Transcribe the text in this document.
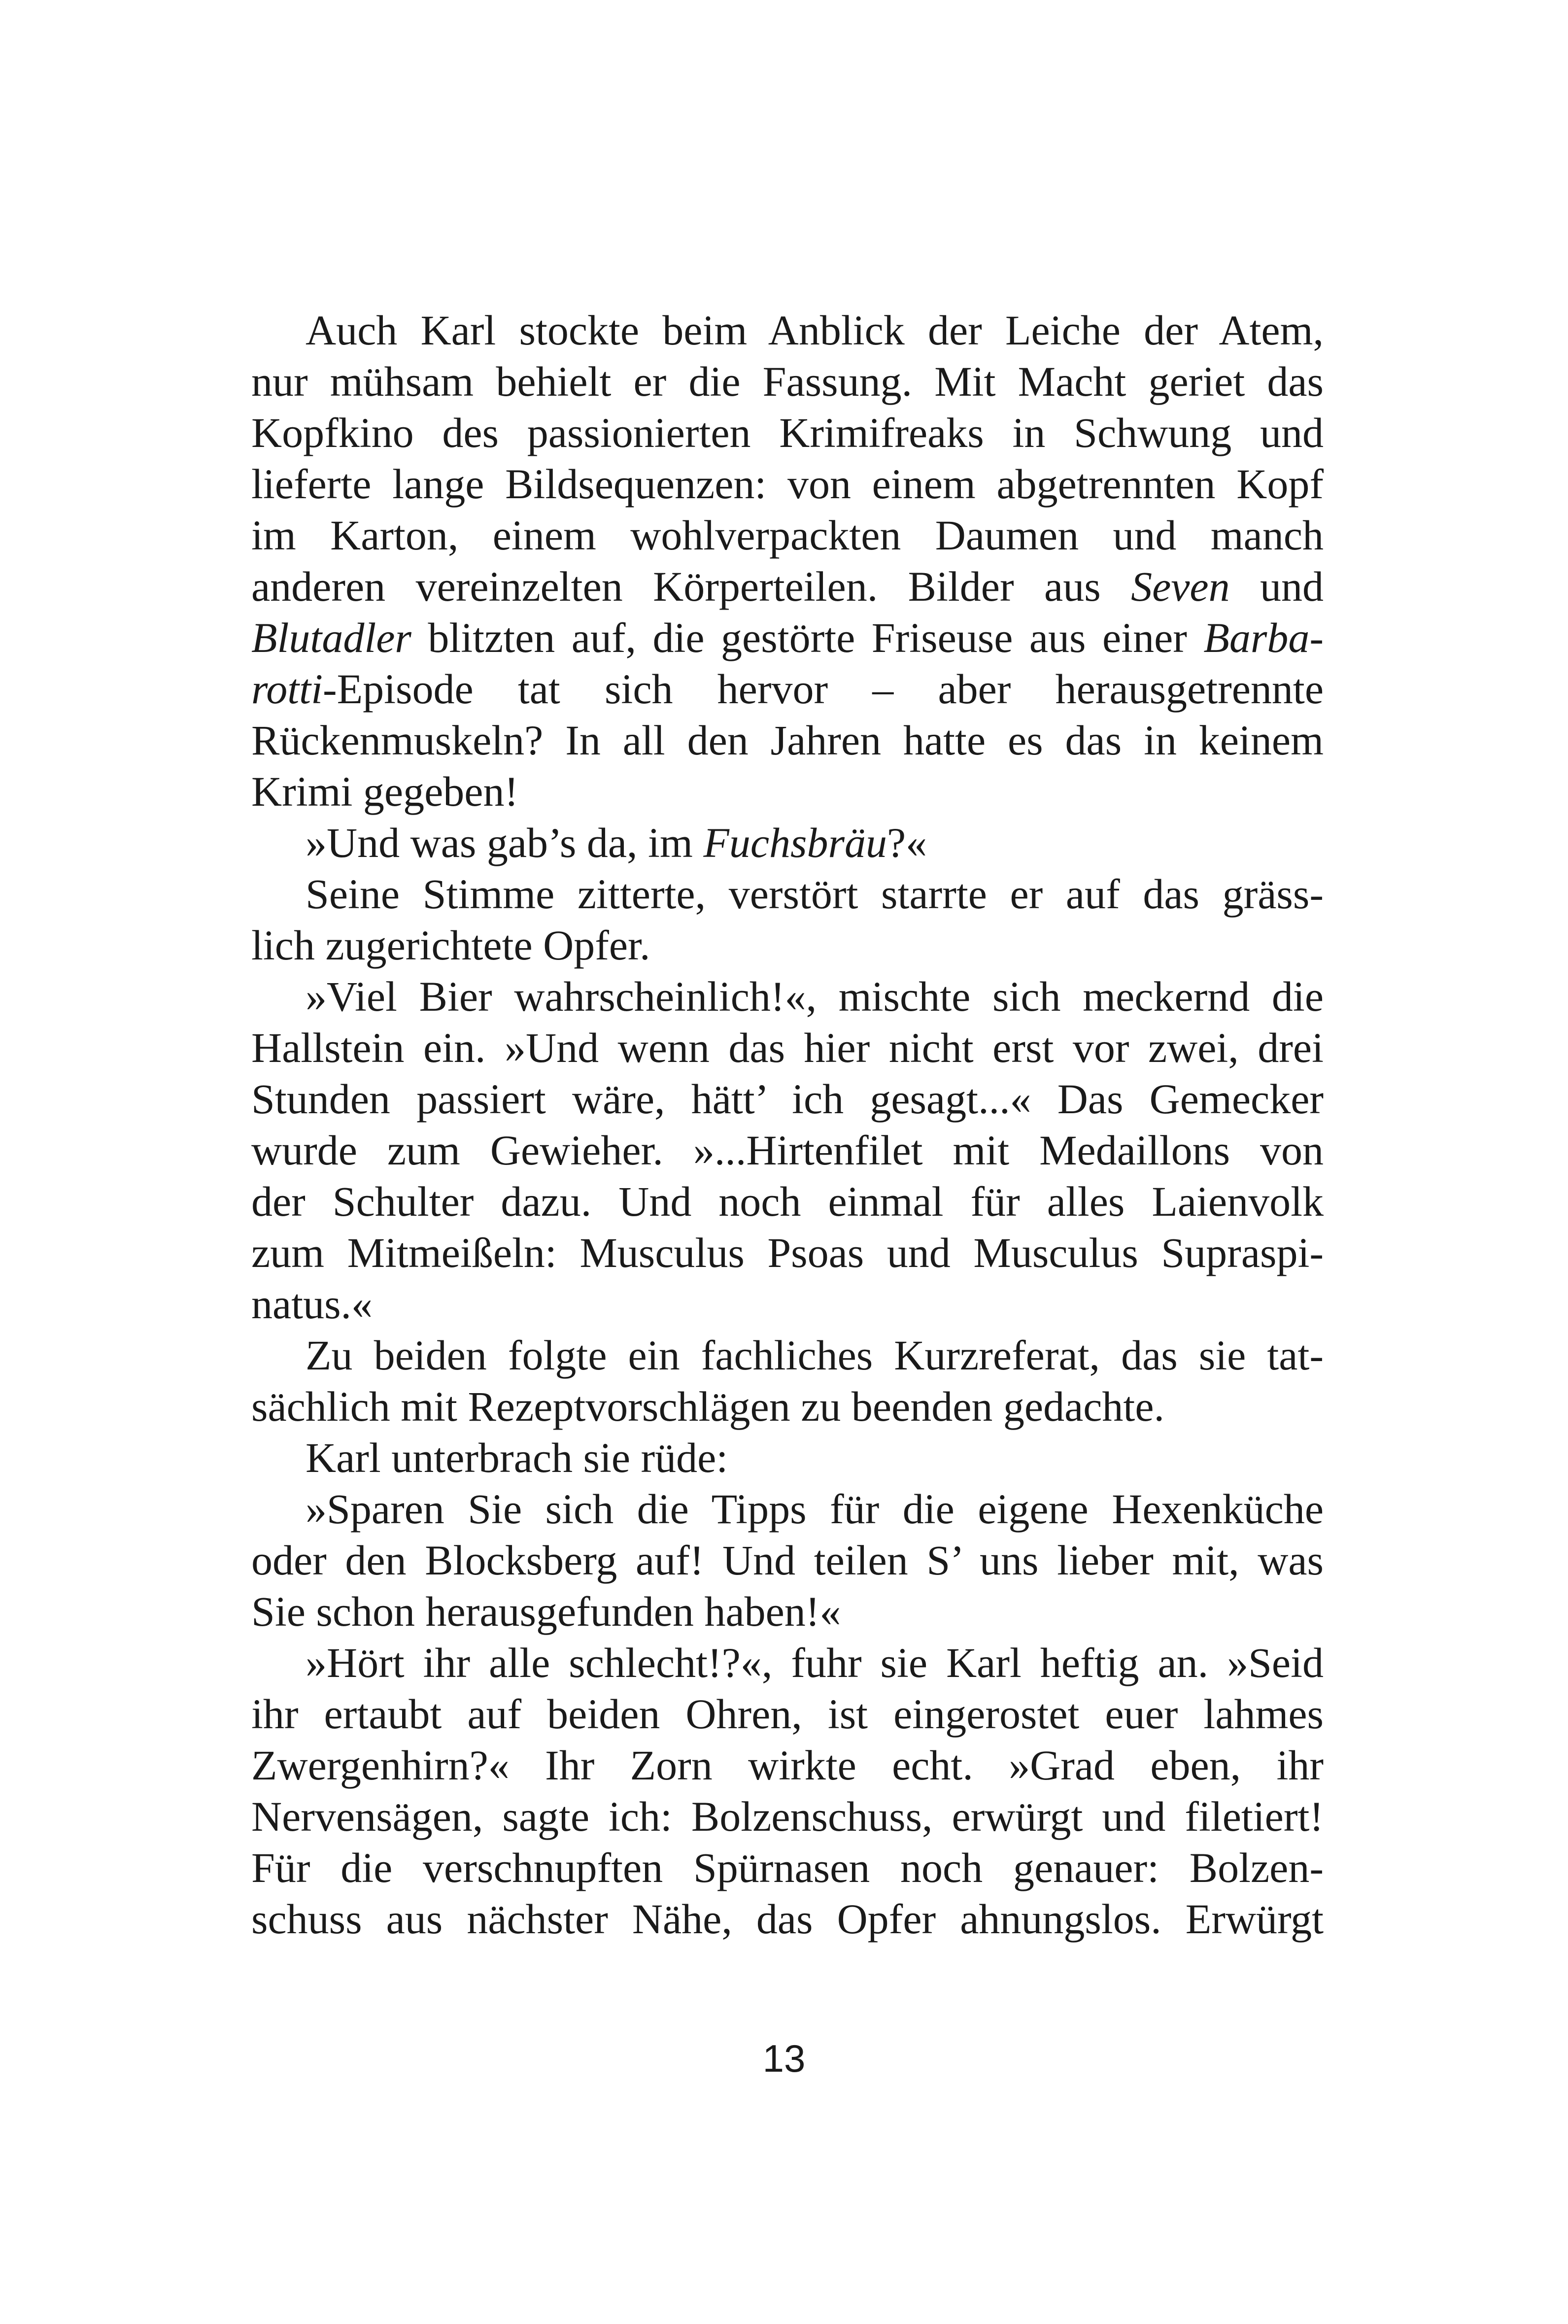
Auch Karl stockte beim Anblick der Leiche der Atem,
nur mühsam behielt er die Fassung. Mit Macht geriet das
Kopfkino des passionierten Krimifreaks in Schwung und
lieferte lange Bildsequenzen: von einem abgetrennten Kopf
im Karton, einem wohlverpackten Daumen und manch
anderen vereinzelten Körperteilen. Bilder aus Seven und
Blutadler blitzten auf, die gestörte Friseuse aus einer Barba-
rotti-Episode tat sich hervor – aber herausgetrennte
Rückenmuskeln? In all den Jahren hatte es das in keinem
Krimi gegeben!
»Und was gab’s da, im Fuchsbräu?«
Seine Stimme zitterte, verstört starrte er auf das gräss-
lich zugerichtete Opfer.
»Viel Bier wahrscheinlich!«, mischte sich meckernd die
Hallstein ein. »Und wenn das hier nicht erst vor zwei, drei
Stunden passiert wäre, hätt’ ich gesagt...« Das Gemecker
wurde zum Gewieher. »...Hirtenfilet mit Medaillons von
der Schulter dazu. Und noch einmal für alles Laienvolk
zum Mitmeißeln: Musculus Psoas und Musculus Supraspi-
natus.«
Zu beiden folgte ein fachliches Kurzreferat, das sie tat-
sächlich mit Rezeptvorschlägen zu beenden gedachte.
Karl unterbrach sie rüde:
»Sparen Sie sich die Tipps für die eigene Hexenküche
oder den Blocksberg auf! Und teilen S’ uns lieber mit, was
Sie schon herausgefunden haben!«
»Hört ihr alle schlecht!?«, fuhr sie Karl heftig an. »Seid
ihr ertaubt auf beiden Ohren, ist eingerostet euer lahmes
Zwergenhirn?« Ihr Zorn wirkte echt. »Grad eben, ihr
Nervensägen, sagte ich: Bolzenschuss, erwürgt und filetiert!
Für die verschnupften Spürnasen noch genauer: Bolzen-
schuss aus nächster Nähe, das Opfer ahnungslos. Erwürgt
13
